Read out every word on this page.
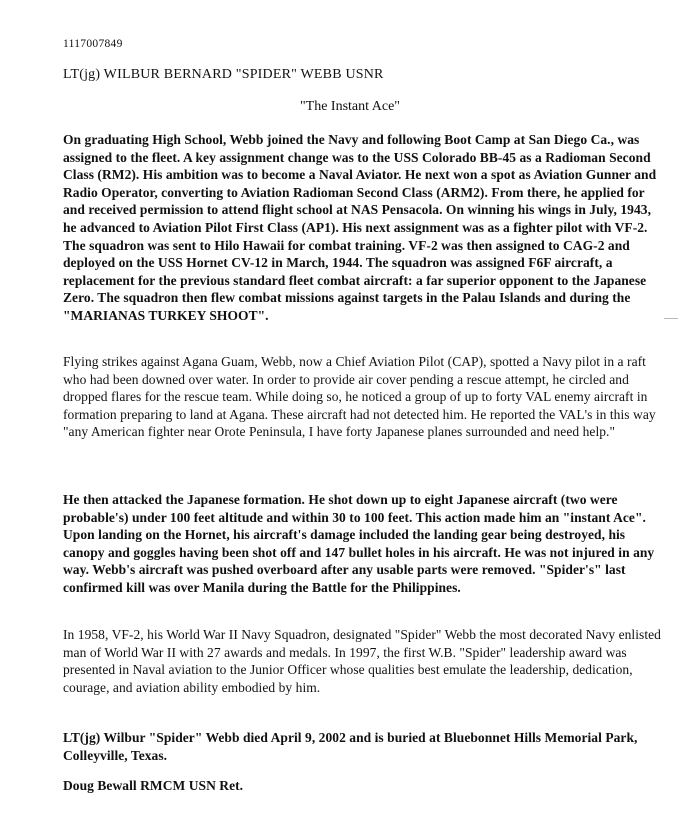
1117007849
LT(jg) WILBUR BERNARD "SPIDER" WEBB USNR
"The Instant Ace"
On graduating High School, Webb joined the Navy and following Boot Camp at San Diego Ca., was assigned to the fleet. A key assignment change was to the USS Colorado BB-45 as a Radioman Second Class (RM2). His ambition was to become a Naval Aviator. He next won a spot as Aviation Gunner and Radio Operator, converting to Aviation Radioman Second Class (ARM2). From there, he applied for and received permission to attend flight school at NAS Pensacola. On winning his wings in July, 1943, he advanced to Aviation Pilot First Class (AP1). His next assignment was as a fighter pilot with VF-2. The squadron was sent to Hilo Hawaii for combat training. VF-2 was then assigned to CAG-2 and deployed on the USS Hornet CV-12 in March, 1944. The squadron was assigned F6F aircraft, a replacement for the previous standard fleet combat aircraft: a far superior opponent to the Japanese Zero. The squadron then flew combat missions against targets in the Palau Islands and during the "MARIANAS TURKEY SHOOT".
Flying strikes against Agana Guam, Webb, now a Chief Aviation Pilot (CAP), spotted a Navy pilot in a raft who had been downed over water. In order to provide air cover pending a rescue attempt, he circled and dropped flares for the rescue team. While doing so, he noticed a group of up to forty VAL enemy aircraft in formation preparing to land at Agana. These aircraft had not detected him. He reported the VAL's in this way "any American fighter near Orote Peninsula, I have forty Japanese planes surrounded and need help."
He then attacked the Japanese formation. He shot down up to eight Japanese aircraft (two were probable's) under 100 feet altitude and within 30 to 100 feet. This action made him an "instant Ace". Upon landing on the Hornet, his aircraft's damage included the landing gear being destroyed, his canopy and goggles having been shot off and 147 bullet holes in his aircraft. He was not injured in any way. Webb's aircraft was pushed overboard after any usable parts were removed. "Spider's" last confirmed kill was over Manila during the Battle for the Philippines.
In 1958, VF-2, his World War II Navy Squadron, designated "Spider" Webb the most decorated Navy enlisted man of World War II with 27 awards and medals. In 1997, the first W.B. "Spider" leadership award was presented in Naval aviation to the Junior Officer whose qualities best emulate the leadership, dedication, courage, and aviation ability embodied by him.
LT(jg) Wilbur "Spider" Webb died April 9, 2002 and is buried at Bluebonnet Hills Memorial Park, Colleyville, Texas.
Doug Bewall RMCM USN Ret.
